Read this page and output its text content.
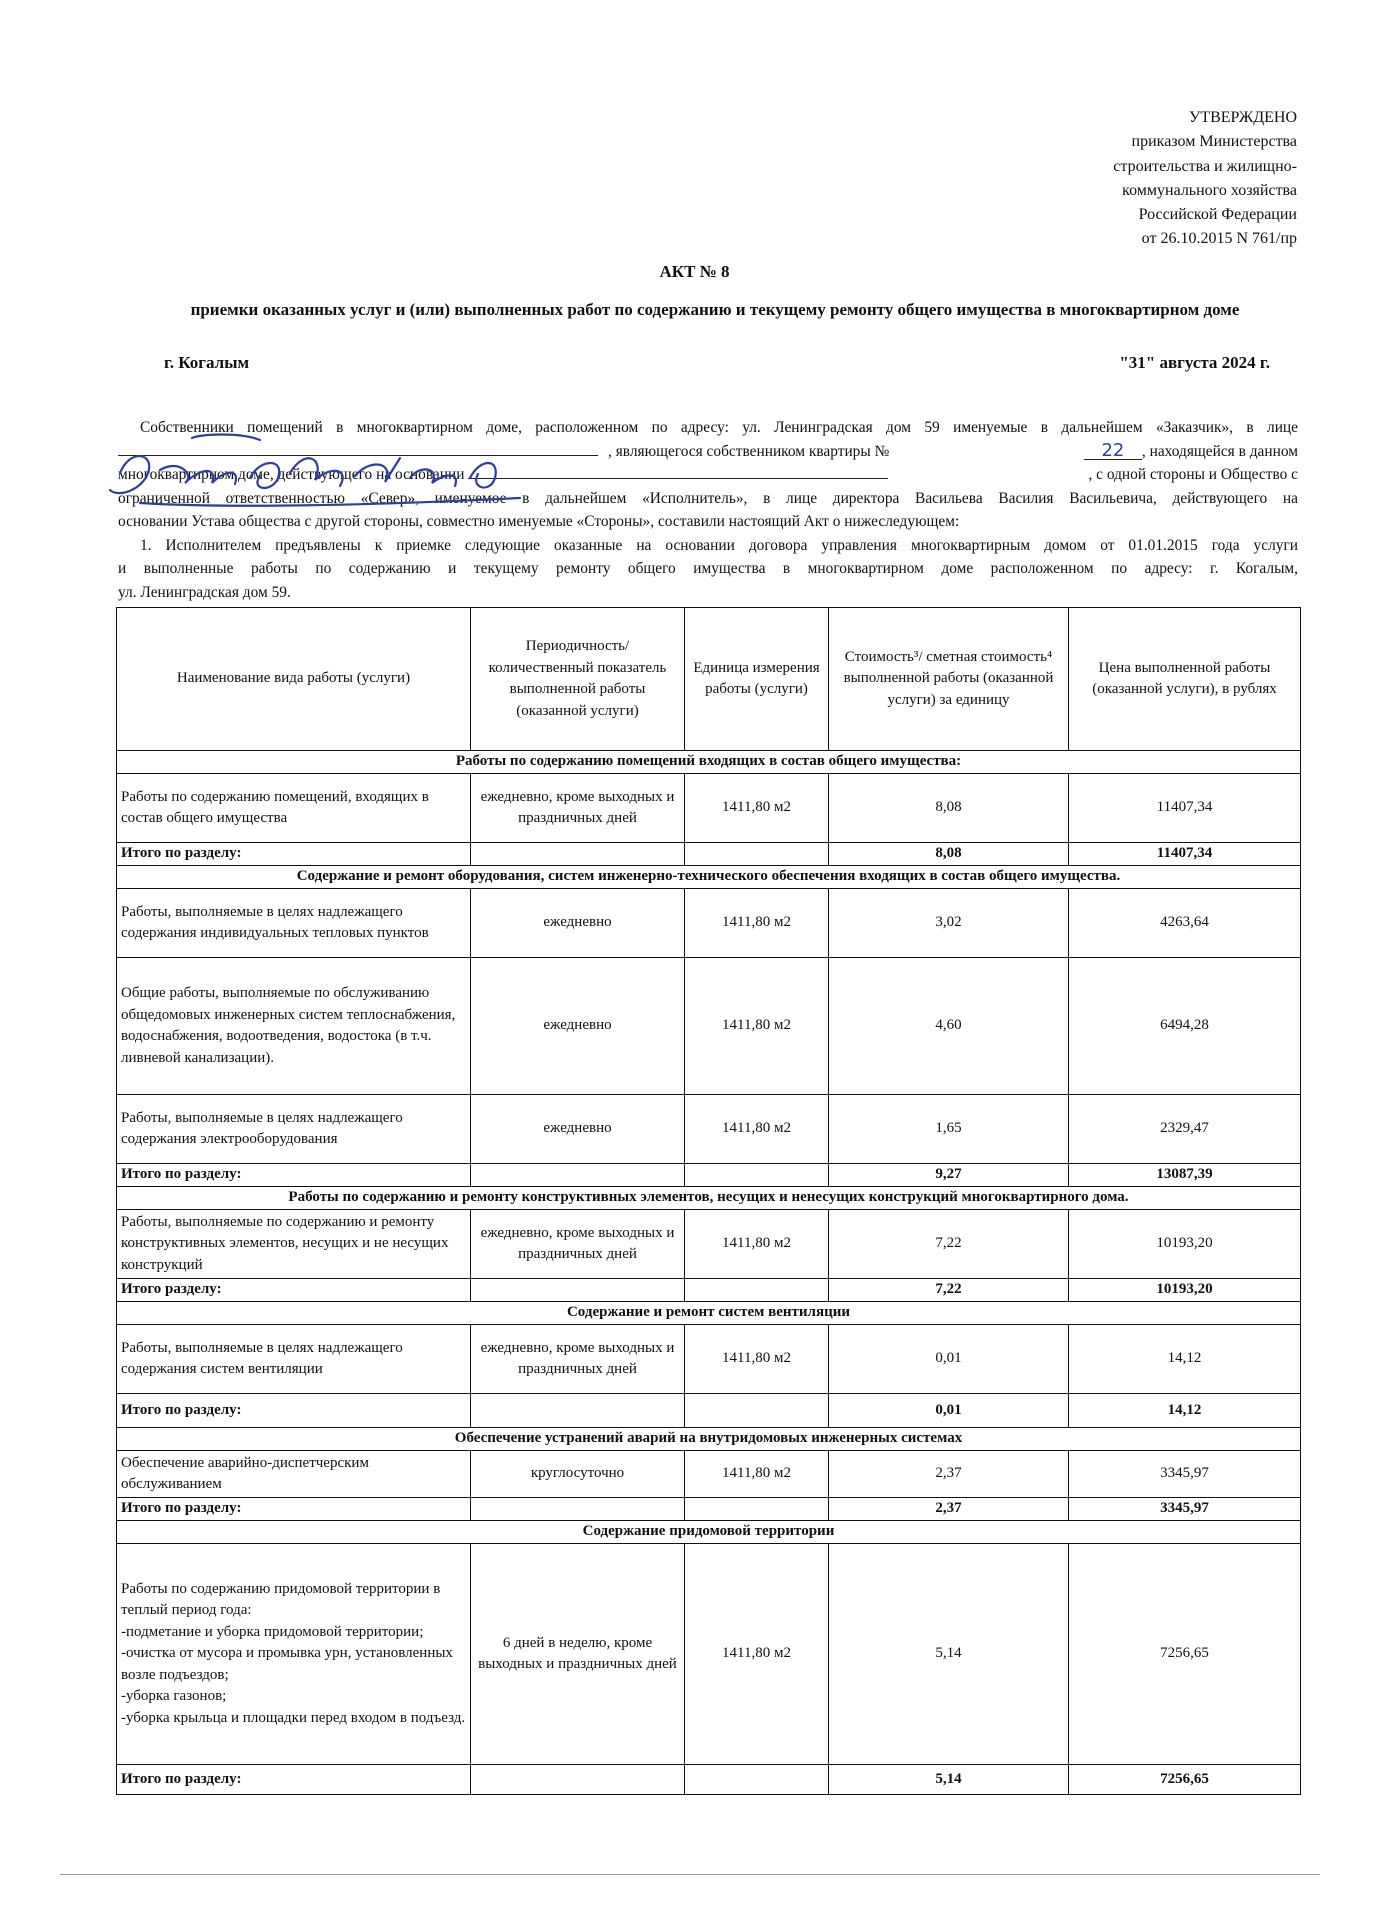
УТВЕРЖДЕНО
приказом Министерства
строительства и жилищно-
коммунального хозяйства
Российской Федерации
от 26.10.2015 N 761/пр
АКТ № 8
приемки оказанных услуг и (или) выполненных работ по содержанию и текущему ремонту общего имущества в многоквартирном доме
г. Когалым	"31" августа 2024 г.
Собственники помещений в многоквартирном доме, расположенном по адресу: ул. Ленинградская дом 59 именуемые в дальнейшем «Заказчик», в лице
, являющегося собственником квартиры №	22	, находящейся в данном
многоквартирном доме, действующего на основании	, с одной стороны и Общество с
ограниченной ответственностью «Север», именуемое в дальнейшем «Исполнитель», в лице директора Васильева Василия Васильевича, действующего на
основании Устава общества с другой стороны, совместно именуемые «Стороны», составили настоящий Акт о нижеследующем:
1. Исполнителем предъявлены к приемке следующие оказанные на основании договора управления многоквартирным домом от 01.01.2015 года услуги
и выполненные работы по содержанию и текущему ремонту общего имущества в многоквартирном доме расположенном по адресу: г. Когалым,
ул. Ленинградская дом 59.
Наименование вида работы (услуги)	Периодичность/ количественный показатель выполненной работы (оказанной услуги)	Единица измерения работы (услуги)	Стоимость³/ сметная стоимость⁴ выполненной работы (оказанной услуги) за единицу	Цена выполненной работы (оказанной услуги), в рублях
Работы по содержанию помещений входящих в состав общего имущества:				
Работы по содержанию помещений, входящих в состав общего имущества	ежедневно, кроме выходных и праздничных дней	1411,80 м2	8,08	11407,34
Итого по разделу:			8,08	11407,34
Содержание и ремонт оборудования, систем инженерно-технического обеспечения входящих в состав общего имущества.				
Работы, выполняемые в целях надлежащего содержания индивидуальных тепловых пунктов	ежедневно	1411,80 м2	3,02	4263,64
Общие работы, выполняемые по обслуживанию общедомовых инженерных систем теплоснабжения, водоснабжения, водоотведения, водостока (в т.ч. ливневой канализации).	ежедневно	1411,80 м2	4,60	6494,28
Работы, выполняемые в целях надлежащего содержания электрооборудования	ежедневно	1411,80 м2	1,65	2329,47
Итого по разделу:			9,27	13087,39
Работы по содержанию и ремонту конструктивных элементов, несущих и ненесущих конструкций многоквартирного дома.				
Работы, выполняемые по содержанию и ремонту конструктивных элементов, несущих и не несущих конструкций	ежедневно, кроме выходных и праздничных дней	1411,80 м2	7,22	10193,20
Итого разделу:			7,22	10193,20
Содержание и ремонт систем вентиляции				
Работы, выполняемые в целях надлежащего содержания систем вентиляции	ежедневно, кроме выходных и праздничных дней	1411,80 м2	0,01	14,12
Итого по разделу:			0,01	14,12
Обеспечение устранений аварий на внутридомовых инженерных системах				
Обеспечение аварийно-диспетчерским обслуживанием	круглосуточно	1411,80 м2	2,37	3345,97
Итого по разделу:			2,37	3345,97
Содержание придомовой территории				

Работы по содержанию придомовой территории в теплый период года:
-подметание и уборка придомовой территории;
-очистка от мусора и промывка урн, установленных возле подъездов;
-уборка газонов;
-уборка крыльца и площадки перед входом в подъезд.	6 дней в неделю, кроме выходных и праздничных дней	1411,80 м2	5,14	7256,65
Итого по разделу:			5,14	7256,65
